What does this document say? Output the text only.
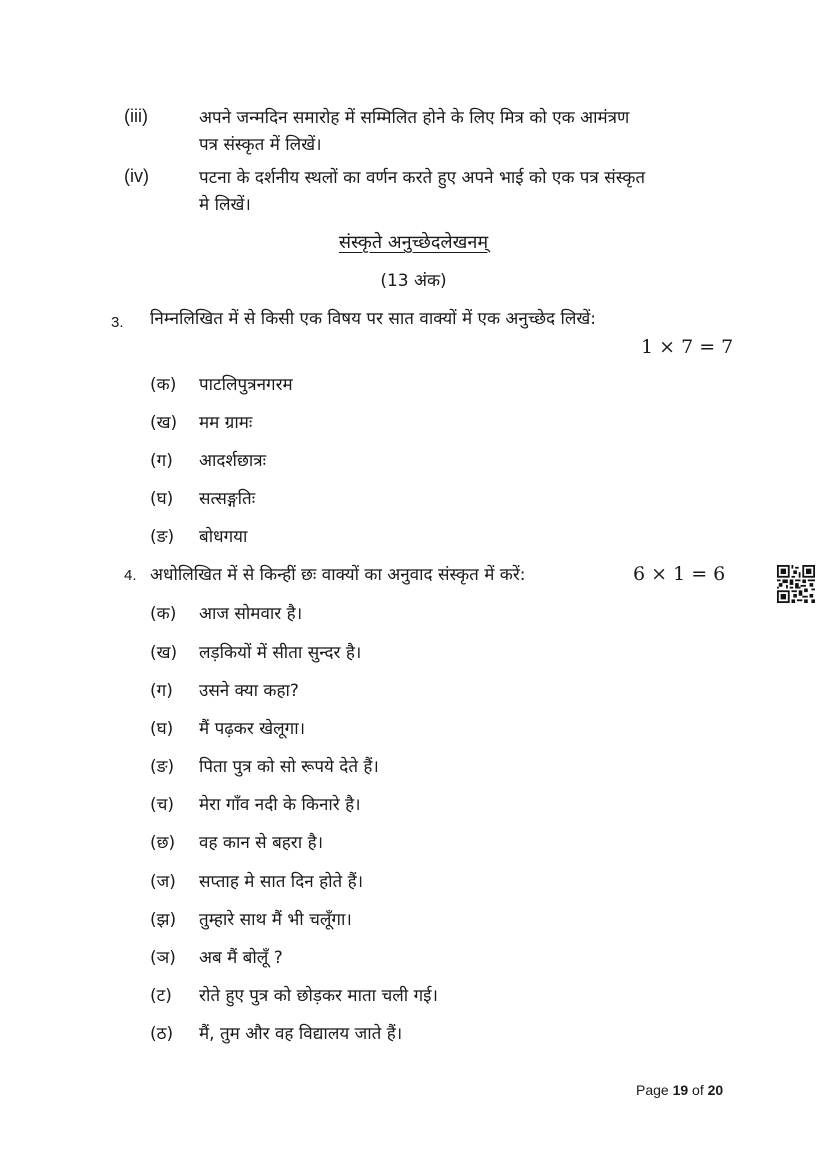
(iii)	अपने जन्मदिन समारोह में सम्मिलित होने के लिए मित्र को एक आमंत्रण
पत्र संस्कृत में लिखें।
(iv)	पटना के दर्शनीय स्थलों का वर्णन करते हुए अपने भाई को एक पत्र संस्कृत
मे लिखें।
संस्कृते अनुच्छेदलेखनम्
(13 अंक)
3. निम्नलिखित में से किसी एक विषय पर सात वाक्यों में एक अनुच्छेद लिखें:
1 × 7 = 7
(क) पाटलिपुत्रनगरम
(ख) मम ग्रामः
(ग) आदर्शछात्रः
(घ) सत्सङ्गतिः
(ङ) बोधगया
4. अधोलिखित में से किन्हीं छः वाक्यों का अनुवाद संस्कृत में करें:	6 × 1 = 6
(क) आज सोमवार है।
(ख) लड़कियों में सीता सुन्दर है।
(ग) उसने क्या कहा?
(घ) मैं पढ़कर खेलूगा।
(ङ) पिता पुत्र को सो रूपये देते हैं।
(च) मेरा गाँव नदी के किनारे है।
(छ) वह कान से बहरा है।
(ज) सप्ताह मे सात दिन होते हैं।
(झ) तुम्हारे साथ मैं भी चलूँगा।
(ञ) अब मैं बोलूँ ?
(ट) रोते हुए पुत्र को छोड़कर माता चली गई।
(ठ) मैं, तुम और वह विद्यालय जाते हैं।
Page 19 of 20
